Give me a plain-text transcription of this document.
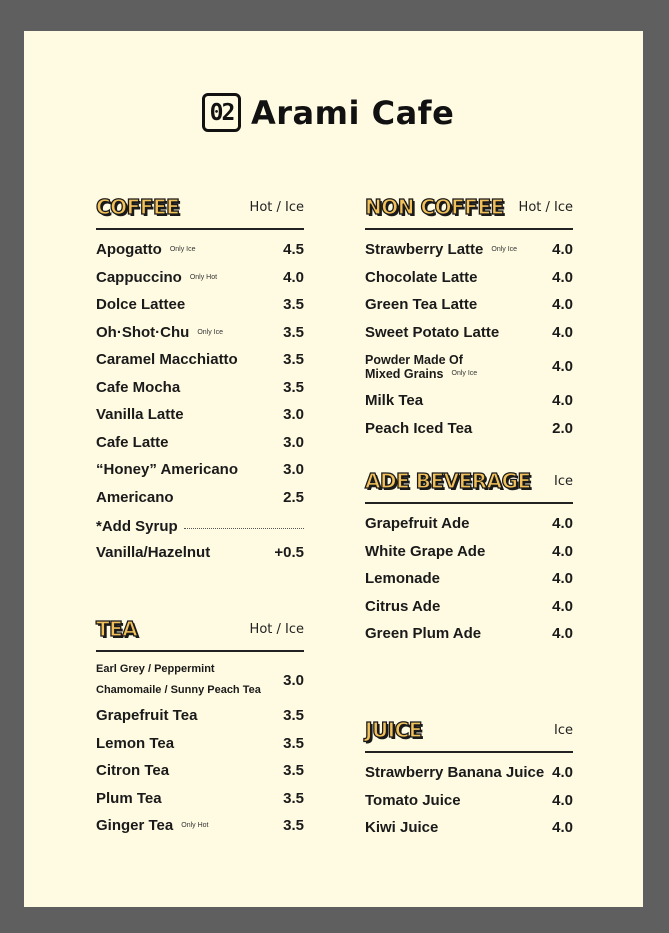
02 Arami Cafe
COFFEE	Hot / Ice
Apogatto Only Ice	4.5
Cappuccino Only Hot	4.0
Dolce Lattee	3.5
Oh·Shot·Chu Only Ice	3.5
Caramel Macchiatto	3.5
Cafe Mocha	3.5
Vanilla Latte	3.0
Cafe Latte	3.0
“Honey” Americano	3.0
Americano	2.5
*Add Syrup
Vanilla/Hazelnut	+0.5
TEA	Hot / Ice
Earl Grey / Peppermint
Chamomaile / Sunny Peach Tea
3.0
Grapefruit Tea	3.5
Lemon Tea	3.5
Citron Tea	3.5
Plum Tea	3.5
Ginger Tea Only Hot	3.5
NON COFFEE Hot / Ice
Strawberry Latte Only Ice 4.0
Chocolate Latte	4.0
Green Tea Latte	4.0
Sweet Potato Latte	4.0
Powder Made Of
Mixed Grains Only Ice	4.0
Milk Tea	4.0
Peach Iced Tea	2.0
ADE BEVERAGE Ice
Grapefruit Ade	4.0
White Grape Ade	4.0
Lemonade	4.0
Citrus Ade	4.0
Green Plum Ade	4.0
JUICE	Ice
Strawberry Banana Juice 4.0
Tomato Juice	4.0
Kiwi Juice	4.0
